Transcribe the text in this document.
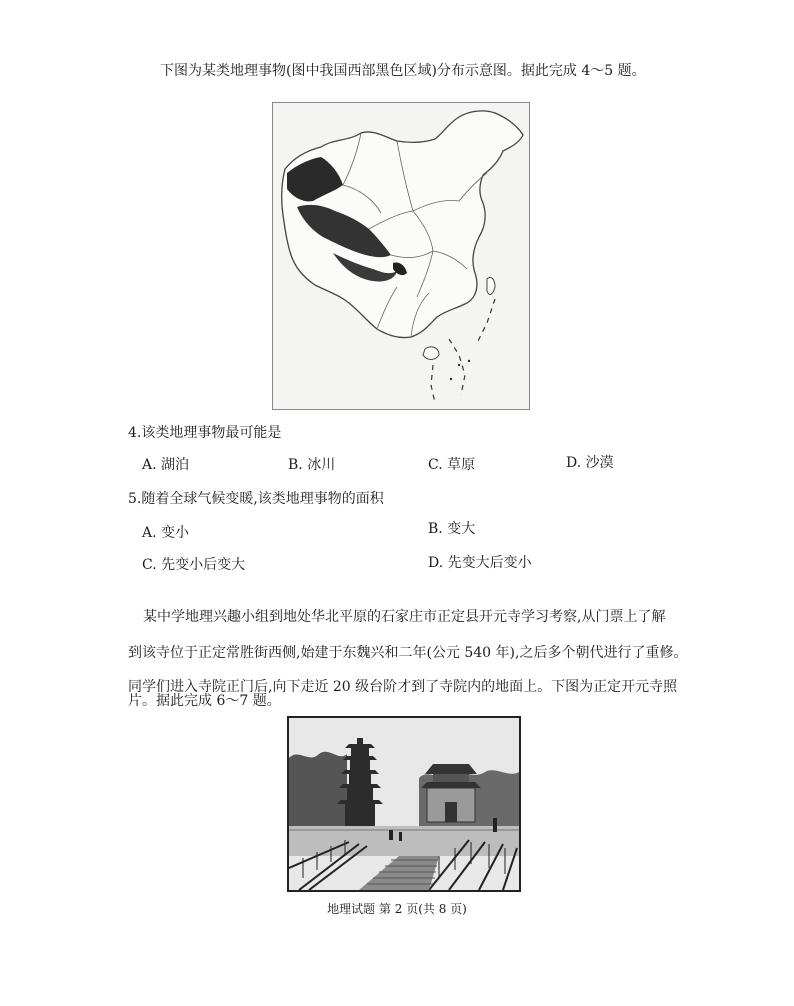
下图为某类地理事物(图中我国西部黑色区域)分布示意图。据此完成 4～5 题。
4.该类地理事物最可能是
A. 湖泊	B. 冰川	C. 草原	D. 沙漠
5.随着全球气候变暖,该类地理事物的面积
A. 变小	B. 变大
C. 先变小后变大	D. 先变大后变小
某中学地理兴趣小组到地处华北平原的石家庄市正定县开元寺学习考察,从门票上了解
到该寺位于正定常胜街西侧,始建于东魏兴和二年(公元 540 年),之后多个朝代进行了重修。
同学们进入寺院正门后,向下走近 20 级台阶才到了寺院内的地面上。下图为正定开元寺照
片。据此完成 6～7 题。
地理试题 第 2 页(共 8 页)
